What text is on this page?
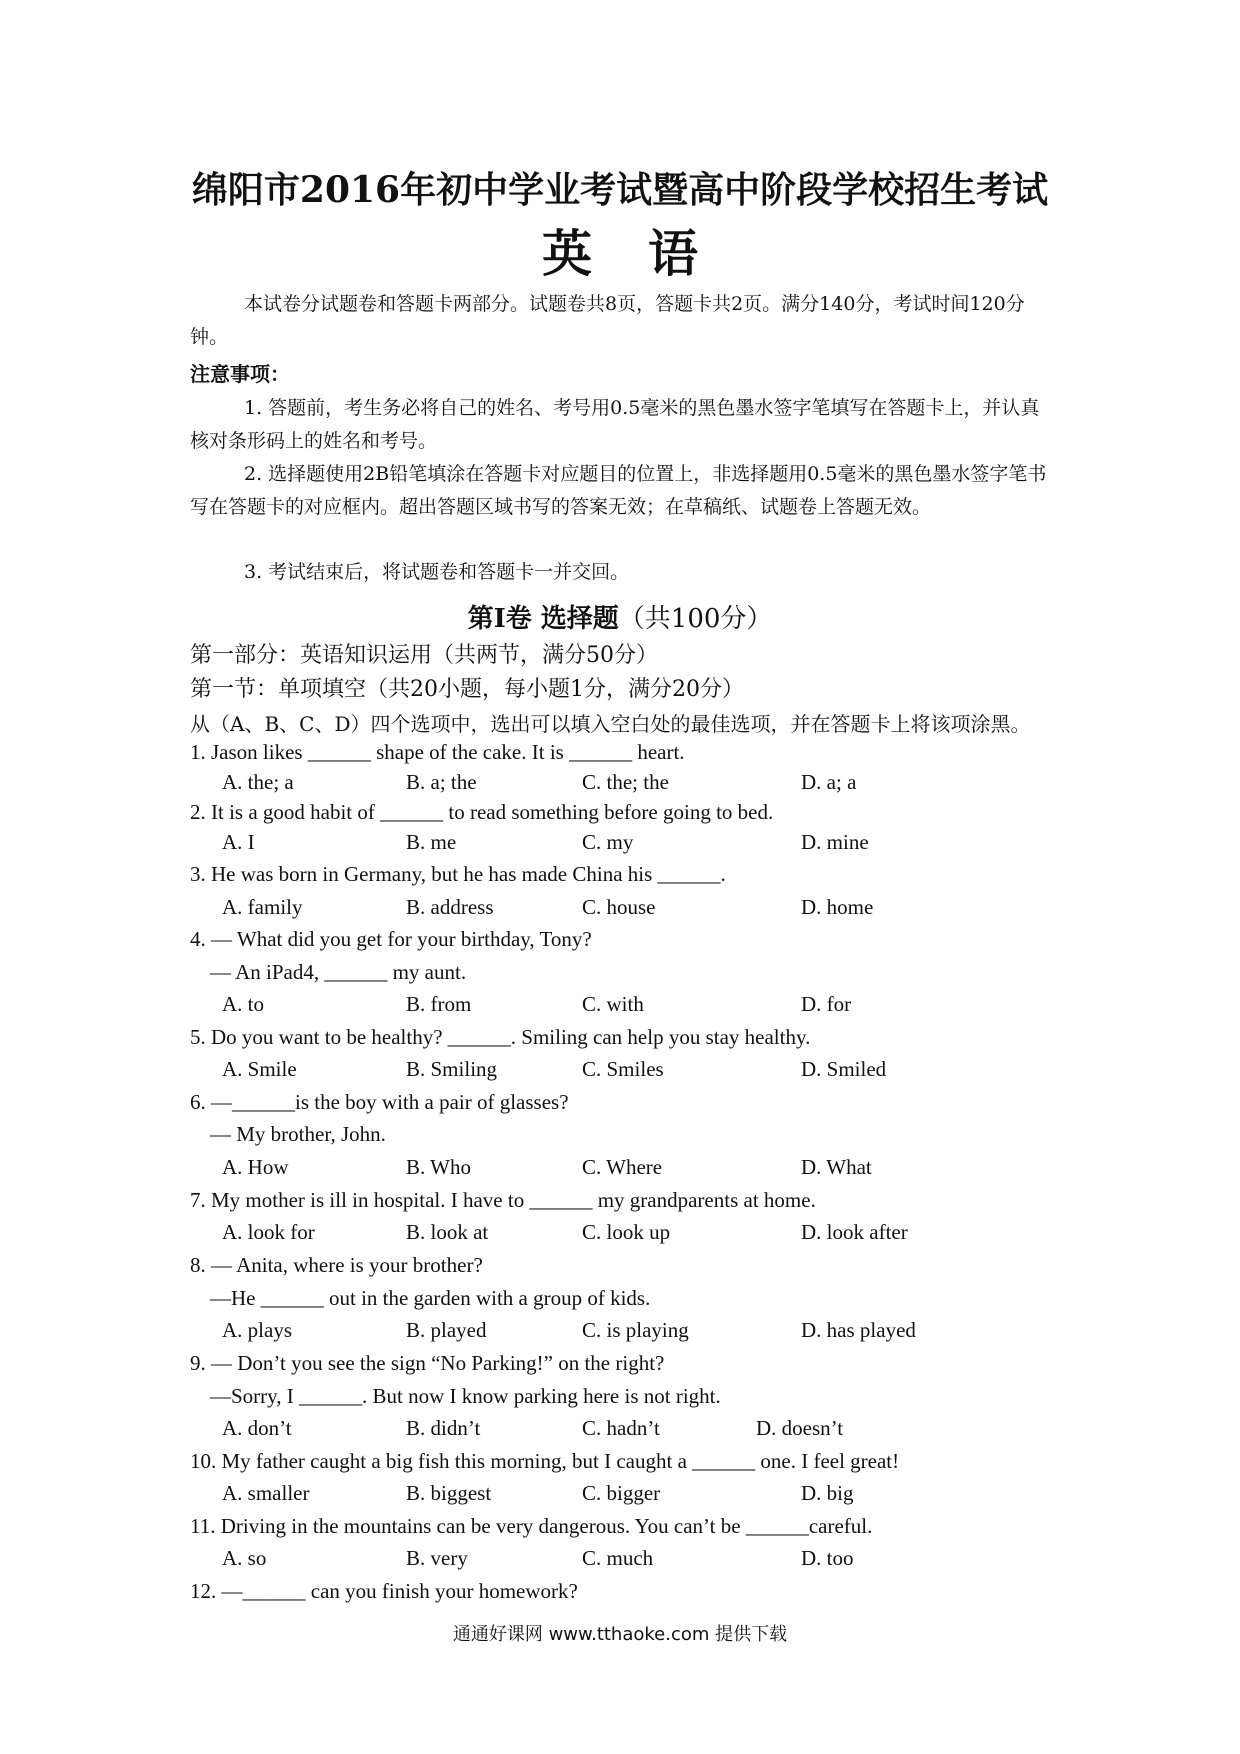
绵阳市2016年初中学业考试暨高中阶段学校招生考试
英语
本试卷分试题卷和答题卡两部分。试题卷共8页，答题卡共2页。满分140分，考试时间120分钟。
注意事项：
1. 答题前，考生务必将自己的姓名、考号用0.5毫米的黑色墨水签字笔填写在答题卡上，并认真核对条形码上的姓名和考号。
2. 选择题使用2B铅笔填涂在答题卡对应题目的位置上，非选择题用0.5毫米的黑色墨水签字笔书写在答题卡的对应框内。超出答题区域书写的答案无效；在草稿纸、试题卷上答题无效。
3. 考试结束后，将试题卷和答题卡一并交回。
第I卷 选择题（共100分）
第一部分：英语知识运用（共两节，满分50分）
第一节：单项填空（共20小题，每小题1分，满分20分）
从（A、B、C、D）四个选项中，选出可以填入空白处的最佳选项，并在答题卡上将该项涂黑。
1. Jason likes ______ shape of the cake. It is ______ heart.
A. the; a	B. a; the	C. the; the	D. a; a
2. It is a good habit of ______ to read something before going to bed.
A. I	B. me	C. my	D. mine
3. He was born in Germany, but he has made China his ______.
A. family	B. address	C. house	D. home
4. — What did you get for your birthday, Tony?
— An iPad4, ______ my aunt.
A. to	B. from	C. with	D. for
5. Do you want to be healthy? ______. Smiling can help you stay healthy.
A. Smile	B. Smiling	C. Smiles	D. Smiled
6. —______is the boy with a pair of glasses?
— My brother, John.
A. How	B. Who	C. Where	D. What
7. My mother is ill in hospital. I have to ______ my grandparents at home.
A. look for	B. look at	C. look up	D. look after
8. — Anita, where is your brother?
—He ______ out in the garden with a group of kids.
A. plays	B. played	C. is playing	D. has played
9. — Don’t you see the sign “No Parking!” on the right?
—Sorry, I ______. But now I know parking here is not right.
A. don’t	B. didn’t	C. hadn’t	D. doesn’t
10. My father caught a big fish this morning, but I caught a ______ one. I feel great!
A. smaller	B. biggest	C. bigger	D. big
11. Driving in the mountains can be very dangerous. You can’t be ______careful.
A. so	B. very	C. much	D. too
12. —______ can you finish your homework?
通通好课网 www.tthaoke.com 提供下载
